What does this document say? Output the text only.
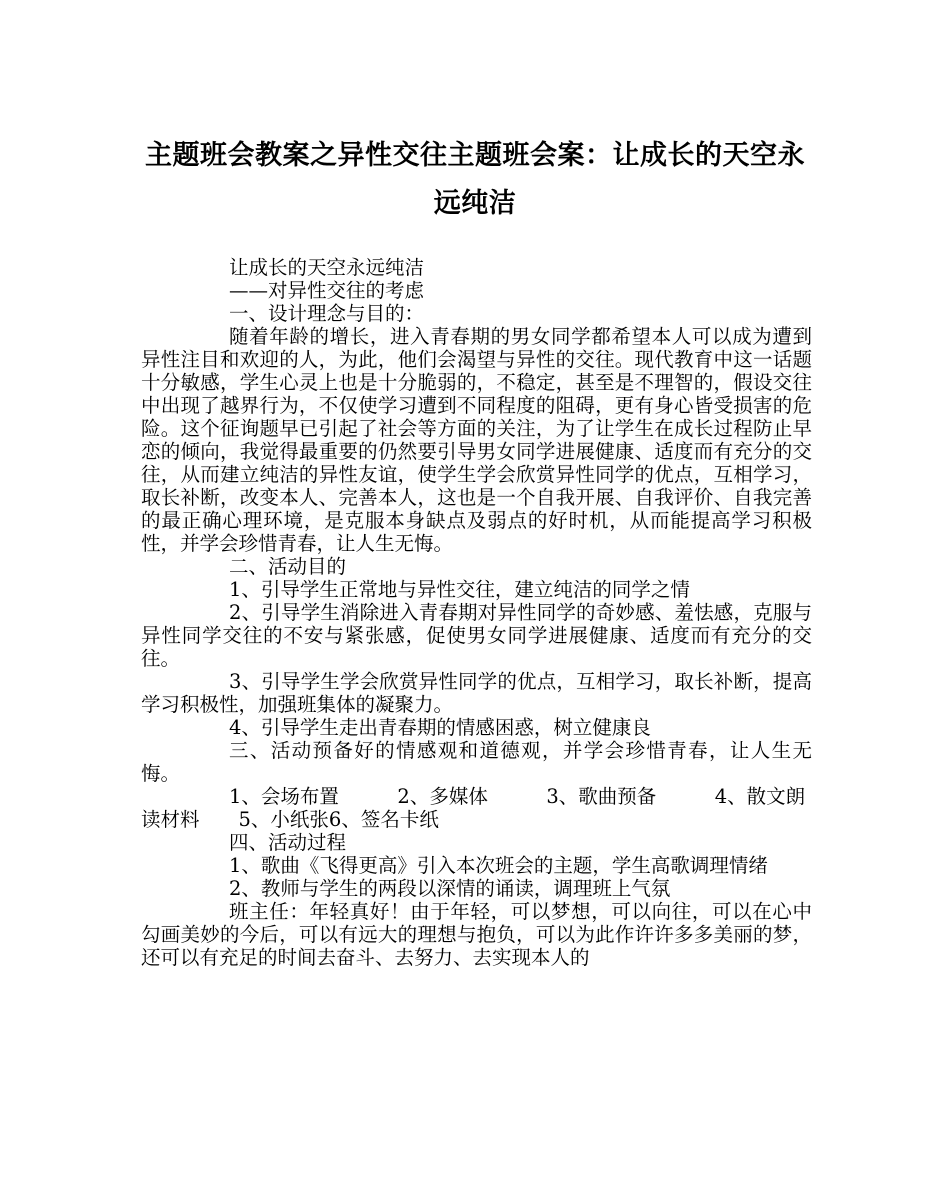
主题班会教案之异性交往主题班会案：让成长的天空永远纯洁

让成长的天空永远纯洁

——对异性交往的考虑

一、设计理念与目的：

随着年龄的增长，进入青春期的男女同学都希望本人可以成为遭到异性注目和欢迎的人，为此，他们会渴望与异性的交往。现代教育中这一话题十分敏感，学生心灵上也是十分脆弱的，不稳定，甚至是不理智的，假设交往中出现了越界行为，不仅使学习遭到不同程度的阻碍，更有身心皆受损害的危险。这个征询题早已引起了社会等方面的关注，为了让学生在成长过程防止早恋的倾向，我觉得最重要的仍然要引导男女同学进展健康、适度而有充分的交往，从而建立纯洁的异性友谊，使学生学会欣赏异性同学的优点，互相学习，取长补断，改变本人、完善本人，这也是一个自我开展、自我评价、自我完善的最正确心理环境，是克服本身缺点及弱点的好时机，从而能提高学习积极性，并学会珍惜青春，让人生无悔。

二、活动目的

1、引导学生正常地与异性交往，建立纯洁的同学之情

2、引导学生消除进入青春期对异性同学的奇妙感、羞怯感，克服与异性同学交往的不安与紧张感，促使男女同学进展健康、适度而有充分的交往。

3、引导学生学会欣赏异性同学的优点，互相学习，取长补断，提高学习积极性，加强班集体的凝聚力。

4、引导学生走出青春期的情感困惑，树立健康良

三、活动预备好的情感观和道德观，并学会珍惜青春，让人生无悔。

1、会场布置　　　2、多媒体　　　3、歌曲预备　　　4、散文朗读材料　　5、小纸张6、签名卡纸

四、活动过程

1、歌曲《飞得更高》引入本次班会的主题，学生高歌调理情绪

2、教师与学生的两段以深情的诵读，调理班上气氛

班主任：年轻真好！由于年轻，可以梦想，可以向往，可以在心中勾画美妙的今后，可以有远大的理想与抱负，可以为此作许许多多美丽的梦，还可以有充足的时间去奋斗、去努力、去实现本人的
